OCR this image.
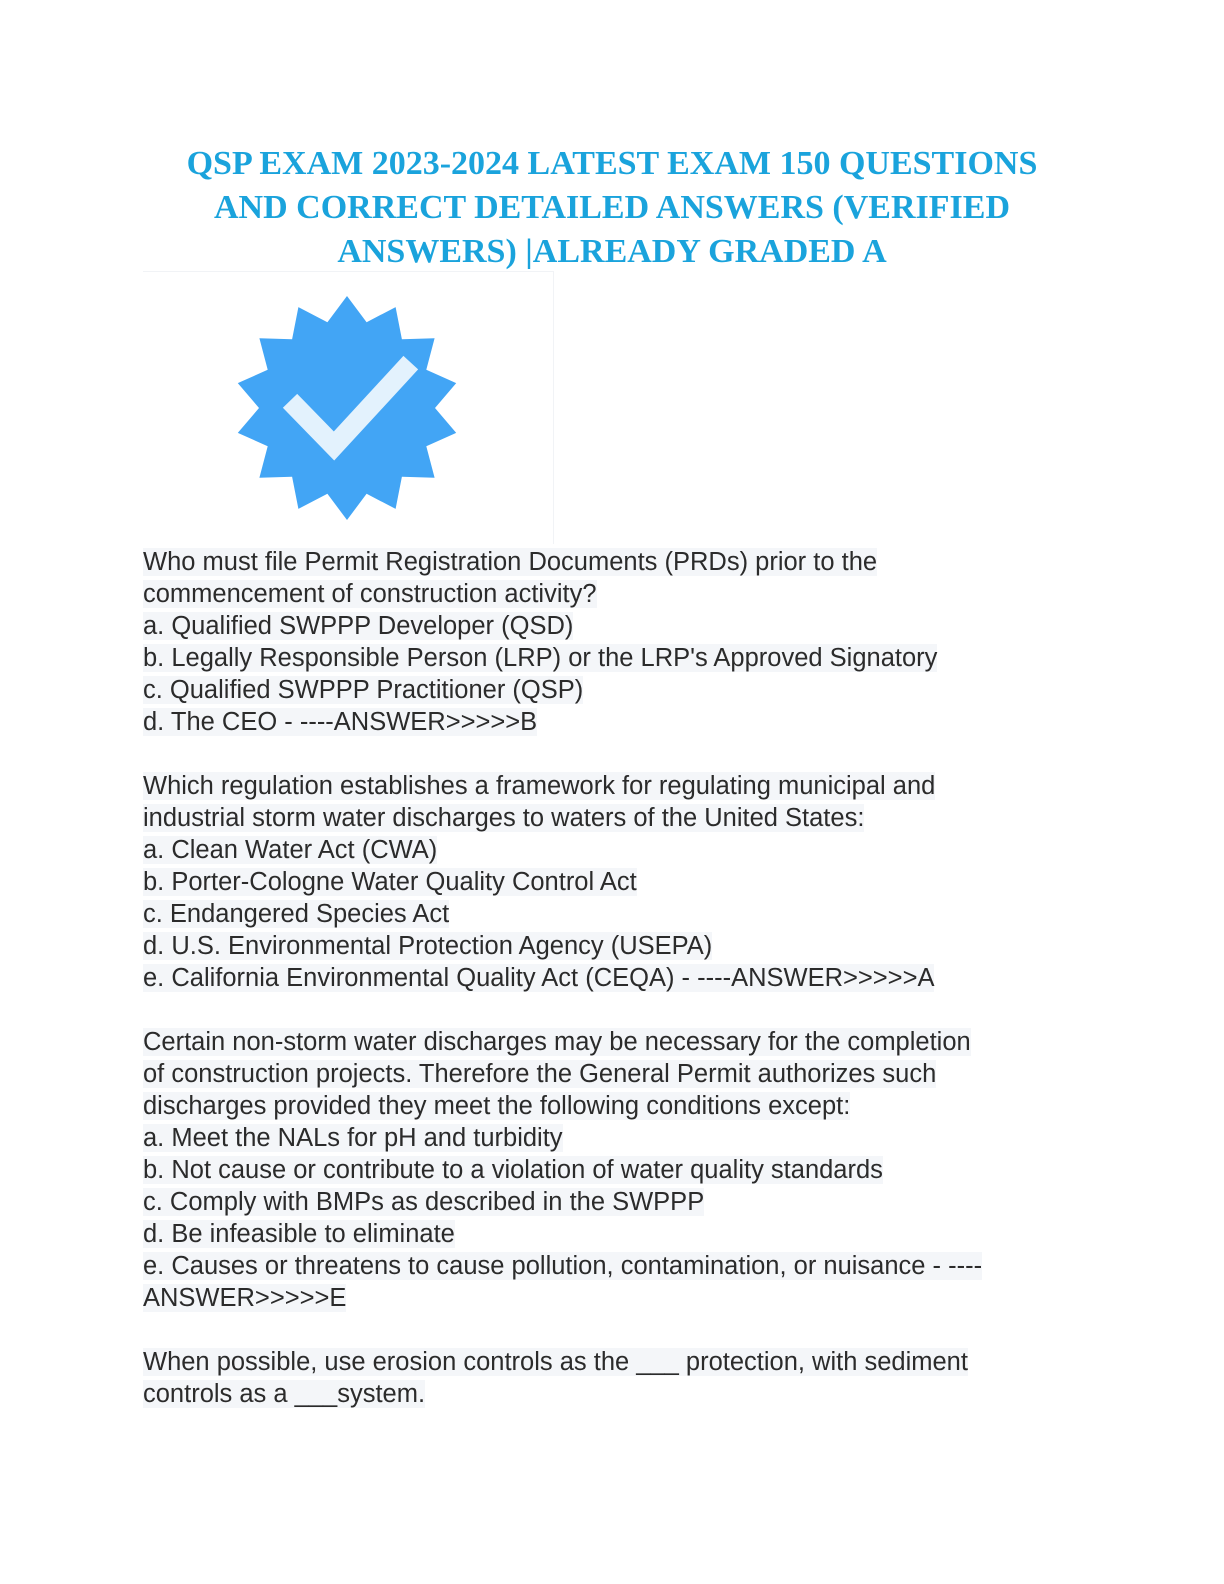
QSP EXAM 2023-2024 LATEST EXAM 150 QUESTIONS
AND CORRECT DETAILED ANSWERS (VERIFIED
ANSWERS) |ALREADY GRADED A
Who must file Permit Registration Documents (PRDs) prior to the
commencement of construction activity?
a. Qualified SWPPP Developer (QSD)
b. Legally Responsible Person (LRP) or the LRP's Approved Signatory
c. Qualified SWPPP Practitioner (QSP)
d. The CEO - ----ANSWER>>>>>B
Which regulation establishes a framework for regulating municipal and
industrial storm water discharges to waters of the United States:
a. Clean Water Act (CWA)
b. Porter-Cologne Water Quality Control Act
c. Endangered Species Act
d. U.S. Environmental Protection Agency (USEPA)
e. California Environmental Quality Act (CEQA) - ----ANSWER>>>>>A
Certain non-storm water discharges may be necessary for the completion
of construction projects. Therefore the General Permit authorizes such
discharges provided they meet the following conditions except:
a. Meet the NALs for pH and turbidity
b. Not cause or contribute to a violation of water quality standards
c. Comply with BMPs as described in the SWPPP
d. Be infeasible to eliminate
e. Causes or threatens to cause pollution, contamination, or nuisance - ----
ANSWER>>>>>E
When possible, use erosion controls as the ___ protection, with sediment
controls as a ___system.
